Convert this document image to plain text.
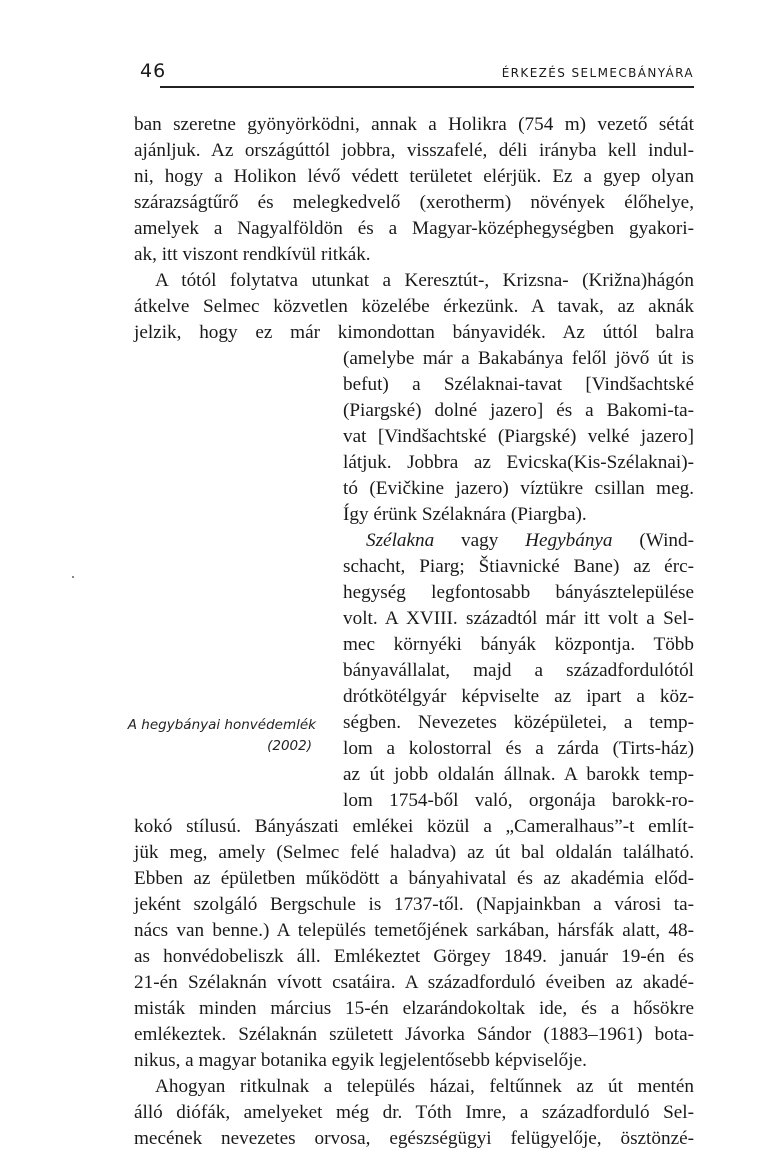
46	ÉRKEZÉS SELMECBÁNYÁRA
A hegybányai honvédemlék
(2002)
ban szeretne gyönyörködni, annak a Holikra (754 m) vezető sétát
ajánljuk. Az országúttól jobbra, visszafelé, déli irányba kell indul-
ni, hogy a Holikon lévő védett területet elérjük. Ez a gyep olyan
szárazságtűrő és melegkedvelő (xerotherm) növények élőhelye,
amelyek a Nagyalföldön és a Magyar-középhegységben gyakori-
ak, itt viszont rendkívül ritkák.
A tótól folytatva utunkat a Keresztút-, Krizsna- (Križna)hágón
átkelve Selmec közvetlen közelébe érkezünk. A tavak, az aknák
jelzik, hogy ez már kimondottan bányavidék. Az úttól balra
(amelybe már a Bakabánya felől jövő út is
befut) a Szélaknai-tavat [Vindšachtské
(Piargské) dolné jazero] és a Bakomi-ta-
vat [Vindšachtské (Piargské) velké jazero]
látjuk. Jobbra az Evicska(Kis-Szélaknai)-
tó (Evičkine jazero) víztükre csillan meg.
Így érünk Szélaknára (Piargba).
Szélakna vagy Hegybánya (Wind-
schacht, Piarg; Štiavnické Bane) az érc-
hegység legfontosabb bányásztelepülése
volt. A XVIII. századtól már itt volt a Sel-
mec környéki bányák központja. Több
bányavállalat, majd a századfordulótól
drótkötélgyár képviselte az ipart a köz-
ségben. Nevezetes középületei, a temp-
lom a kolostorral és a zárda (Tirts-ház)
az út jobb oldalán állnak. A barokk temp-
lom 1754-ből való, orgonája barokk-ro-
kokó stílusú. Bányászati emlékei közül a „Cameralhaus”-t említ-
jük meg, amely (Selmec felé haladva) az út bal oldalán található.
Ebben az épületben működött a bányahivatal és az akadémia előd-
jeként szolgáló Bergschule is 1737-től. (Napjainkban a városi ta-
nács van benne.) A település temetőjének sarkában, hársfák alatt, 48-
as honvédobeliszk áll. Emlékeztet Görgey 1849. január 19-én és
21-én Szélaknán vívott csatáira. A századforduló éveiben az akadé-
misták minden március 15-én elzarándokoltak ide, és a hősökre
emlékeztek. Szélaknán született Jávorka Sándor (1883–1961) bota-
nikus, a magyar botanika egyik legjelentősebb képviselője.
Ahogyan ritkulnak a település házai, feltűnnek az út mentén
álló diófák, amelyeket még dr. Tóth Imre, a századforduló Sel-
mecének nevezetes orvosa, egészségügyi felügyelője, ösztönzé-
